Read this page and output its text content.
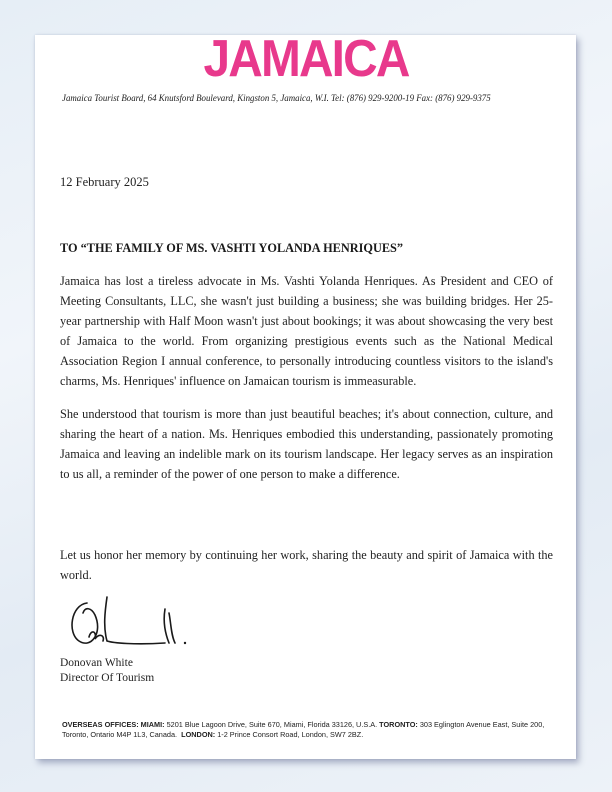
JAMAICA
Jamaica Tourist Board, 64 Knutsford Boulevard, Kingston 5, Jamaica, W.I. Tel: (876) 929-9200-19 Fax: (876) 929-9375
12 February 2025
TO “THE FAMILY OF MS. VASHTI YOLANDA HENRIQUES”

Jamaica has lost a tireless advocate in Ms. Vashti Yolanda Henriques. As President and CEO of Meeting Consultants, LLC, she wasn't just building a business; she was building bridges. Her 25-year partnership with Half Moon wasn't just about bookings; it was about showcasing the very best of Jamaica to the world. From organizing prestigious events such as the National Medical Association Region I annual conference, to personally introducing countless visitors to the island's charms, Ms. Henriques' influence on Jamaican tourism is immeasurable.

She understood that tourism is more than just beautiful beaches; it's about connection, culture, and sharing the heart of a nation. Ms. Henriques embodied this understanding, passionately promoting Jamaica and leaving an indelible mark on its tourism landscape. Her legacy serves as an inspiration to us all, a reminder of the power of one person to make a difference.

Let us honor her memory by continuing her work, sharing the beauty and spirit of Jamaica with the world.

Donovan White
Director Of Tourism
OVERSEAS OFFICES: MIAMI: 5201 Blue Lagoon Drive, Suite 670, Miami, Florida 33126, U.S.A. TORONTO: 303 Eglington Avenue East, Suite 200, Toronto, Ontario M4P 1L3, Canada. LONDON: 1-2 Prince Consort Road, London, SW7 2BZ.
